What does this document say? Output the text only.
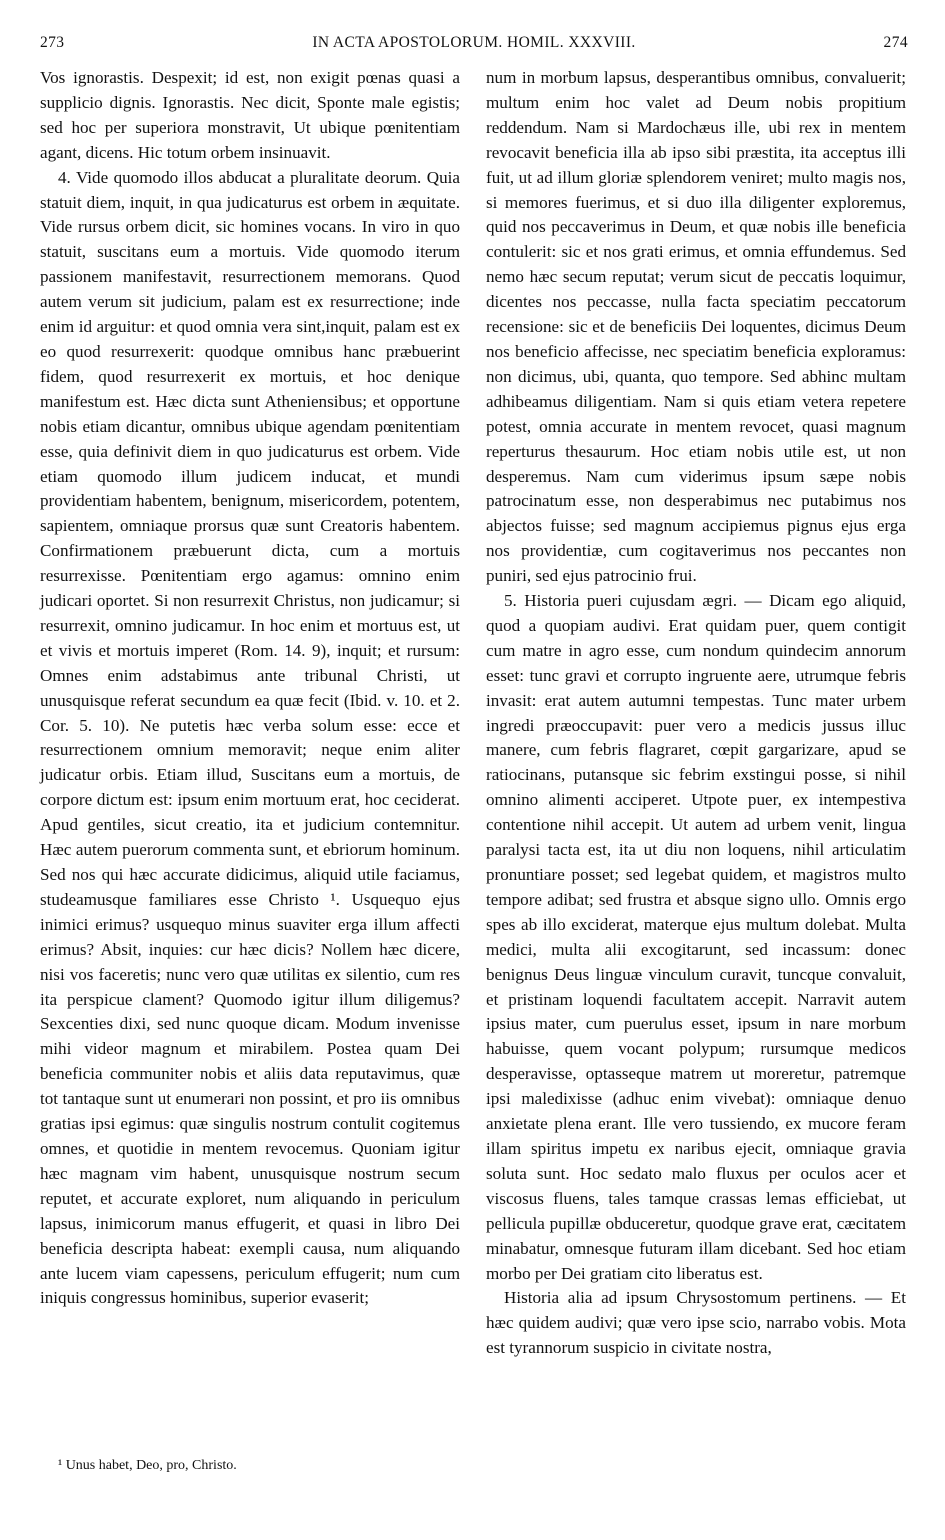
273	IN ACTA APOSTOLORUM. HOMIL. XXXVIII.	274

Vos ignorastis. Despexit; id est, non exigit pœnas quasi a supplicio dignis. Ignorastis. Nec dicit, Sponte male egistis; sed hoc per superiora monstravit, Ut ubique pœnitentiam agant, dicens. Hic totum orbem insinuavit.

4. Vide quomodo illos abducat a pluralitate deorum. Quia statuit diem, inquit, in qua judicaturus est orbem in æquitate. Vide rursus orbem dicit, sic homines vocans. In viro in quo statuit, suscitans eum a mortuis. Vide quomodo iterum passionem manifestavit, resurrectionem memorans. Quod autem verum sit judicium, palam est ex resurrectione; inde enim id arguitur: et quod omnia vera sint,inquit, palam est ex eo quod resurrexerit: quodque omnibus hanc præbuerint fidem, quod resurrexerit ex mortuis, et hoc denique manifestum est. Hæc dicta sunt Atheniensibus; et opportune nobis etiam dicantur, omnibus ubique agendam pœnitentiam esse, quia definivit diem in quo judicaturus est orbem. Vide etiam quomodo illum judicem inducat, et mundi providentiam habentem, benignum, misericordem, potentem, sapientem, omniaque prorsus quæ sunt Creatoris habentem. Confirmationem præbuerunt dicta, cum a mortuis resurrexisse. Pœnitentiam ergo agamus: omnino enim judicari oportet. Si non resurrexit Christus, non judicamur; si resurrexit, omnino judicamur. In hoc enim et mortuus est, ut et vivis et mortuis imperet (Rom. 14. 9), inquit; et rursum: Omnes enim adstabimus ante tribunal Christi, ut unusquisque referat secundum ea quæ fecit (Ibid. v. 10. et 2. Cor. 5. 10). Ne putetis hæc verba solum esse: ecce et resurrectionem omnium memoravit; neque enim aliter judicatur orbis. Etiam illud, Suscitans eum a mortuis, de corpore dictum est: ipsum enim mortuum erat, hoc ceciderat. Apud gentiles, sicut creatio, ita et judicium contemnitur. Hæc autem puerorum commenta sunt, et ebriorum hominum. Sed nos qui hæc accurate didicimus, aliquid utile faciamus, studeamusque familiares esse Christo ¹. Usquequo ejus inimici erimus? usquequo minus suaviter erga illum affecti erimus? Absit, inquies: cur hæc dicis? Nollem hæc dicere, nisi vos faceretis; nunc vero quæ utilitas ex silentio, cum res ita perspicue clament? Quomodo igitur illum diligemus? Sexcenties dixi, sed nunc quoque dicam. Modum invenisse mihi videor magnum et mirabilem. Postea quam Dei beneficia communiter nobis et aliis data reputavimus, quæ tot tantaque sunt ut enumerari non possint, et pro iis omnibus gratias ipsi egimus: quæ singulis nostrum contulit cogitemus omnes, et quotidie in mentem revocemus. Quoniam igitur hæc magnam vim habent, unusquisque nostrum secum reputet, et accurate exploret, num aliquando in periculum lapsus, inimicorum manus effugerit, et quasi in libro Dei beneficia descripta habeat: exempli causa, num aliquando ante lucem viam capessens, periculum effugerit; num cum iniquis congressus hominibus, superior evaserit;

num in morbum lapsus, desperantibus omnibus, convaluerit; multum enim hoc valet ad Deum nobis propitium reddendum. Nam si Mardochæus ille, ubi rex in mentem revocavit beneficia illa ab ipso sibi præstita, ita acceptus illi fuit, ut ad illum gloriæ splendorem veniret; multo magis nos, si memores fuerimus, et si duo illa diligenter exploremus, quid nos peccaverimus in Deum, et quæ nobis ille beneficia contulerit: sic et nos grati erimus, et omnia effundemus. Sed nemo hæc secum reputat; verum sicut de peccatis loquimur, dicentes nos peccasse, nulla facta speciatim peccatorum recensione: sic et de beneficiis Dei loquentes, dicimus Deum nos beneficio affecisse, nec speciatim beneficia exploramus: non dicimus, ubi, quanta, quo tempore. Sed abhinc multam adhibeamus diligentiam. Nam si quis etiam vetera repetere potest, omnia accurate in mentem revocet, quasi magnum reperturus thesaurum. Hoc etiam nobis utile est, ut non desperemus. Nam cum viderimus ipsum sæpe nobis patrocinatum esse, non desperabimus nec putabimus nos abjectos fuisse; sed magnum accipiemus pignus ejus erga nos providentiæ, cum cogitaverimus nos peccantes non puniri, sed ejus patrocinio frui.

5. Historia pueri cujusdam ægri. — Dicam ego aliquid, quod a quopiam audivi. Erat quidam puer, quem contigit cum matre in agro esse, cum nondum quindecim annorum esset: tunc gravi et corrupto ingruente aere, utrumque febris invasit: erat autem autumni tempestas. Tunc mater urbem ingredi præoccupavit: puer vero a medicis jussus illuc manere, cum febris flagraret, cœpit gargarizare, apud se ratiocinans, putansque sic febrim exstingui posse, si nihil omnino alimenti acciperet. Utpote puer, ex intempestiva contentione nihil accepit. Ut autem ad urbem venit, lingua paralysi tacta est, ita ut diu non loquens, nihil articulatim pronuntiare posset; sed legebat quidem, et magistros multo tempore adibat; sed frustra et absque signo ullo. Omnis ergo spes ab illo exciderat, materque ejus multum dolebat. Multa medici, multa alii excogitarunt, sed incassum: donec benignus Deus linguæ vinculum curavit, tuncque convaluit, et pristinam loquendi facultatem accepit. Narravit autem ipsius mater, cum puerulus esset, ipsum in nare morbum habuisse, quem vocant polypum; rursumque medicos desperavisse, optasseque matrem ut moreretur, patremque ipsi maledixisse (adhuc enim vivebat): omniaque denuo anxietate plena erant. Ille vero tussiendo, ex mucore feram illam spiritus impetu ex naribus ejecit, omniaque gravia soluta sunt. Hoc sedato malo fluxus per oculos acer et viscosus fluens, tales tamque crassas lemas efficiebat, ut pellicula pupillæ obduceretur, quodque grave erat, cæcitatem minabatur, omnesque futuram illam dicebant. Sed hoc etiam morbo per Dei gratiam cito liberatus est.

Historia alia ad ipsum Chrysostomum pertinens. — Et hæc quidem audivi; quæ vero ipse scio, narrabo vobis. Mota est tyrannorum suspicio in civitate nostra,

¹ Unus habet, Deo, pro, Christo.
